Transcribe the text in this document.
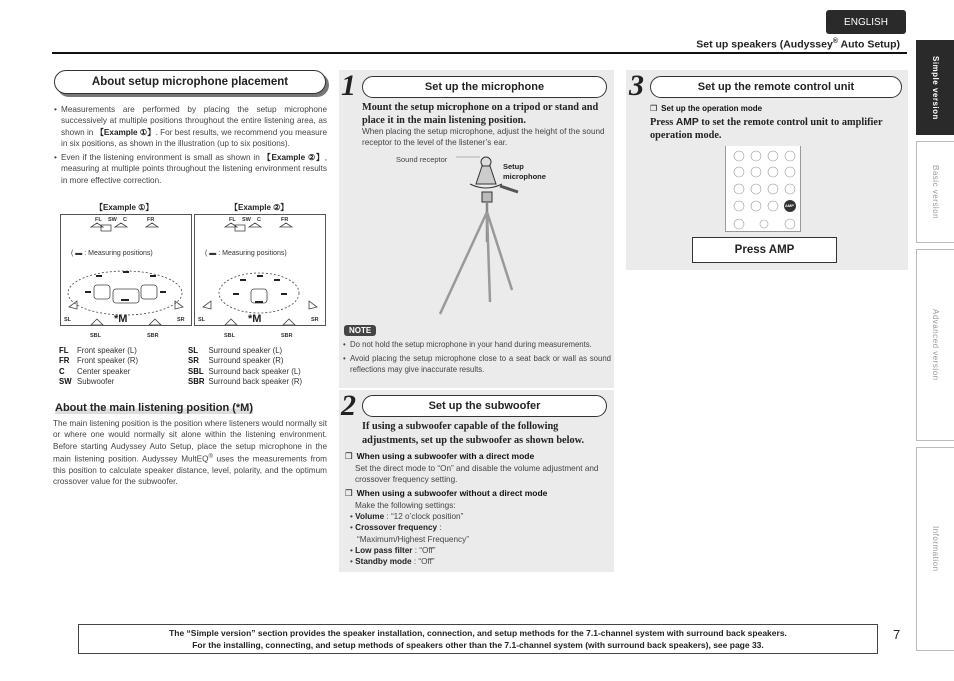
ENGLISH
Set up speakers (Audyssey® Auto Setup)
Simple version
Basic version
Advanced version
Information
About setup microphone placement
• Measurements are performed by placing the setup microphone successively at multiple positions throughout the entire listening area, as shown in 【Example ①】. For best results, we recommend you measure in six positions, as shown in the illustration (up to six positions).
• Even if the listening environment is small as shown in 【Example ②】, measuring at multiple points throughout the listening environment results in more effective correction.
【Example ①】	【Example ②】
FL SW C	FR
( ▬ : Measuring positions)
SL	SR
SBL	SBR
*M
FL SW C	FR
( ▬ : Measuring positions)
SL	SR
SBL	SBR
*M
FL	Front speaker (L)
FR	Front speaker (R)
C	Center speaker
SW	Subwoofer
SL	Surround speaker (L)
SR	Surround speaker (R)
SBL	Surround back speaker (L)
SBR	Surround back speaker (R)
About the main listening position (*M)
The main listening position is the position where listeners would normally sit or where one would normally sit alone within the listening environment. Before starting Audyssey Auto Setup, place the setup microphone in the main listening position. Audyssey MultEQ® uses the measurements from this position to calculate speaker distance, level, polarity, and the optimum crossover value for the subwoofer.
1	Set up the microphone
Mount the setup microphone on a tripod or stand and place it in the main listening position.
When placing the setup microphone, adjust the height of the sound receptor to the level of the listener’s ear.
Sound receptor
Setup
microphone
NOTE
• Do not hold the setup microphone in your hand during measurements.
• Avoid placing the setup microphone close to a seat back or wall as sound reflections may give inaccurate results.
2	Set up the subwoofer
If using a subwoofer capable of the following adjustments, set up the subwoofer as shown below.
❒ When using a subwoofer with a direct mode
Set the direct mode to “On” and disable the volume adjustment and crossover frequency setting.
❒ When using a subwoofer without a direct mode
Make the following settings:
• Volume : “12 o’clock position”
• Crossover frequency :
“Maximum/Highest Frequency”
• Low pass filter : “Off”
• Standby mode : “Off”
3	Set up the remote control unit
❒ Set up the operation mode
Press AMP to set the remote control unit to amplifier operation mode.
AMP
Press AMP
The “Simple version” section provides the speaker installation, connection, and setup methods for the 7.1-channel system with surround back speakers.
For the installing, connecting, and setup methods of speakers other than the 7.1-channel system (with surround back speakers), see page 33.
7
